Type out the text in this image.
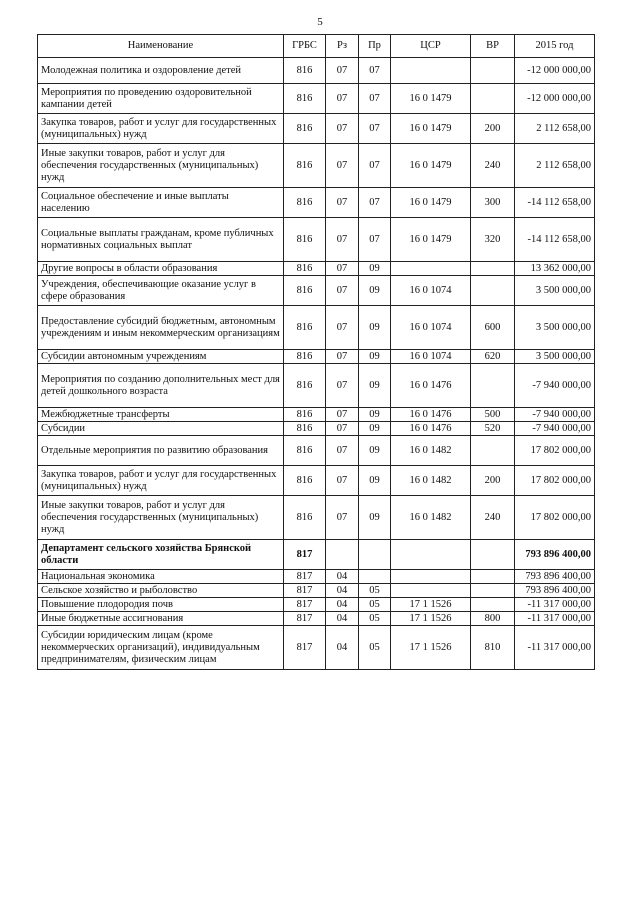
5
Наименование	ГРБС	Рз	Пр	ЦСР	ВР	2015 год
Молодежная политика и оздоровление детей	816	07	07			-12 000 000,00
Мероприятия по проведению оздоровительной кампании детей	816	07	07	16 0 1479		-12 000 000,00
Закупка товаров, работ и услуг для государственных (муниципальных) нужд	816	07	07	16 0 1479	200	2 112 658,00
Иные закупки товаров, работ и услуг для обеспечения государственных (муниципальных) нужд	816	07	07	16 0 1479	240	2 112 658,00
Социальное обеспечение и иные выплаты населению	816	07	07	16 0 1479	300	-14 112 658,00
Социальные выплаты гражданам, кроме публичных нормативных социальных выплат	816	07	07	16 0 1479	320	-14 112 658,00
Другие вопросы в области образования	816	07	09			13 362 000,00
Учреждения, обеспечивающие оказание услуг в сфере образования	816	07	09	16 0 1074		3 500 000,00
Предоставление субсидий бюджетным, автономным учреждениям и иным некоммерческим организациям	816	07	09	16 0 1074	600	3 500 000,00
Субсидии автономным учреждениям	816	07	09	16 0 1074	620	3 500 000,00
Мероприятия по созданию дополнительных мест для детей дошкольного возраста	816	07	09	16 0 1476		-7 940 000,00
Межбюджетные трансферты	816	07	09	16 0 1476	500	-7 940 000,00
Субсидии	816	07	09	16 0 1476	520	-7 940 000,00
Отдельные мероприятия по развитию образования	816	07	09	16 0 1482		17 802 000,00
Закупка товаров, работ и услуг для государственных (муниципальных) нужд	816	07	09	16 0 1482	200	17 802 000,00
Иные закупки товаров, работ и услуг для обеспечения государственных (муниципальных) нужд	816	07	09	16 0 1482	240	17 802 000,00
Департамент сельского хозяйства Брянской области	817					793 896 400,00
Национальная экономика	817	04				793 896 400,00
Сельское хозяйство и рыболовство	817	04	05			793 896 400,00
Повышение плодородия почв	817	04	05	17 1 1526		-11 317 000,00
Иные бюджетные ассигнования	817	04	05	17 1 1526	800	-11 317 000,00
Субсидии юридическим лицам (кроме некоммерческих организаций), индивидуальным предпринимателям, физическим лицам	817	04	05	17 1 1526	810	-11 317 000,00
